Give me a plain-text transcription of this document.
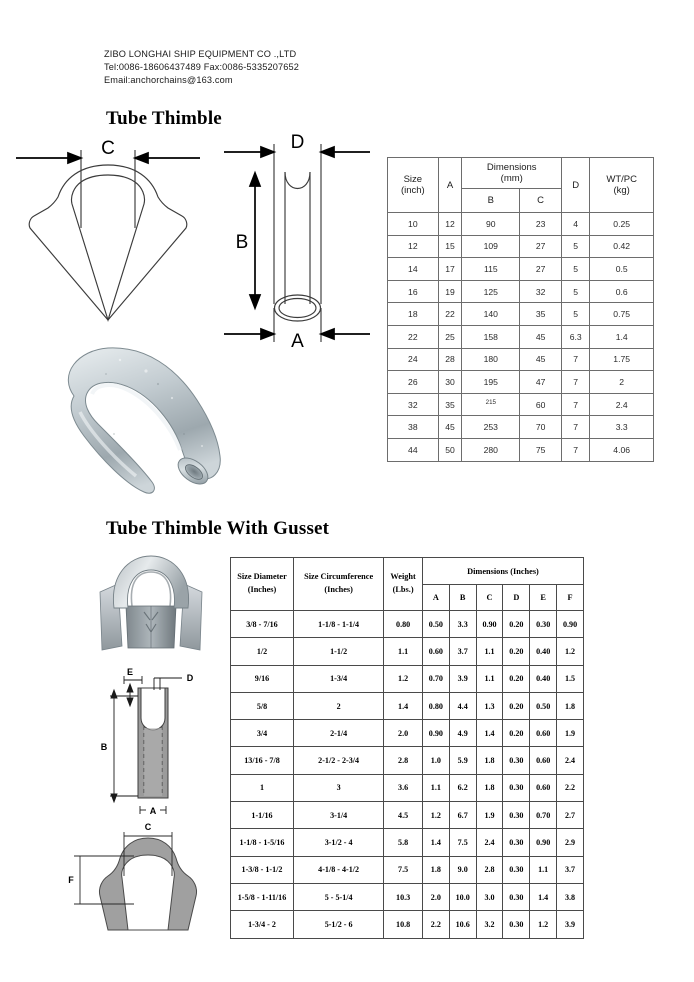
ZIBO LONGHAI SHIP EQUIPMENT CO .,LTD
Tel:0086-18606437489 Fax:0086-5335207652
Email:anchorchains@163.com
Tube Thimble
C	D
B
A
Size
(inch)	A	
Dimensions
(mm)
	D	WT/PC
(kg)

		B	C		
10	12	90	23	4	0.25
12	15	109	27	5	0.42
14	17	115	27	5	0.5
16	19	125	32	5	0.6
18	22	140	35	5	0.75
22	25	158	45	6.3	1.4
24	28	180	45	7	1.75
26	30	195	47	7	2
32	35	$^{215}$	60	7	2.4
38	45	253	70	7	3.3
44	50	280	75	7	4.06
Tube Thimble With Gusset
E
D
B
A
C
F
Size Diameter
(Inches)

Size Circumference
(Inches)

Weight
(Lbs.)
	Dimensions (Inches)
			A	B	C	D	E	F
3/8 - 7/16	1-1/8 - 1-1/4	0.80	0.50	3.3	0.90	0.20	0.30	0.90
1/2	1-1/2	1.1	0.60	3.7	1.1	0.20	0.40	1.2
9/16	1-3/4	1.2	0.70	3.9	1.1	0.20	0.40	1.5
5/8	2	1.4	0.80	4.4	1.3	0.20	0.50	1.8
3/4	2-1/4	2.0	0.90	4.9	1.4	0.20	0.60	1.9
13/16 - 7/8	2-1/2 - 2-3/4	2.8	1.0	5.9	1.8	0.30	0.60	2.4
1	3	3.6	1.1	6.2	1.8	0.30	0.60	2.2
1-1/16	3-1/4	4.5	1.2	6.7	1.9	0.30	0.70	2.7
1-1/8 - 1-5/16	3-1/2 - 4	5.8	1.4	7.5	2.4	0.30	0.90	2.9
1-3/8 - 1-1/2	4-1/8 - 4-1/2	7.5	1.8	9.0	2.8	0.30	1.1	3.7
1-5/8 - 1-11/16	5 - 5-1/4	10.3	2.0	10.0	3.0	0.30	1.4	3.8
1-3/4 - 2	5-1/2 - 6	10.8	2.2	10.6	3.2	0.30	1.2	3.9
